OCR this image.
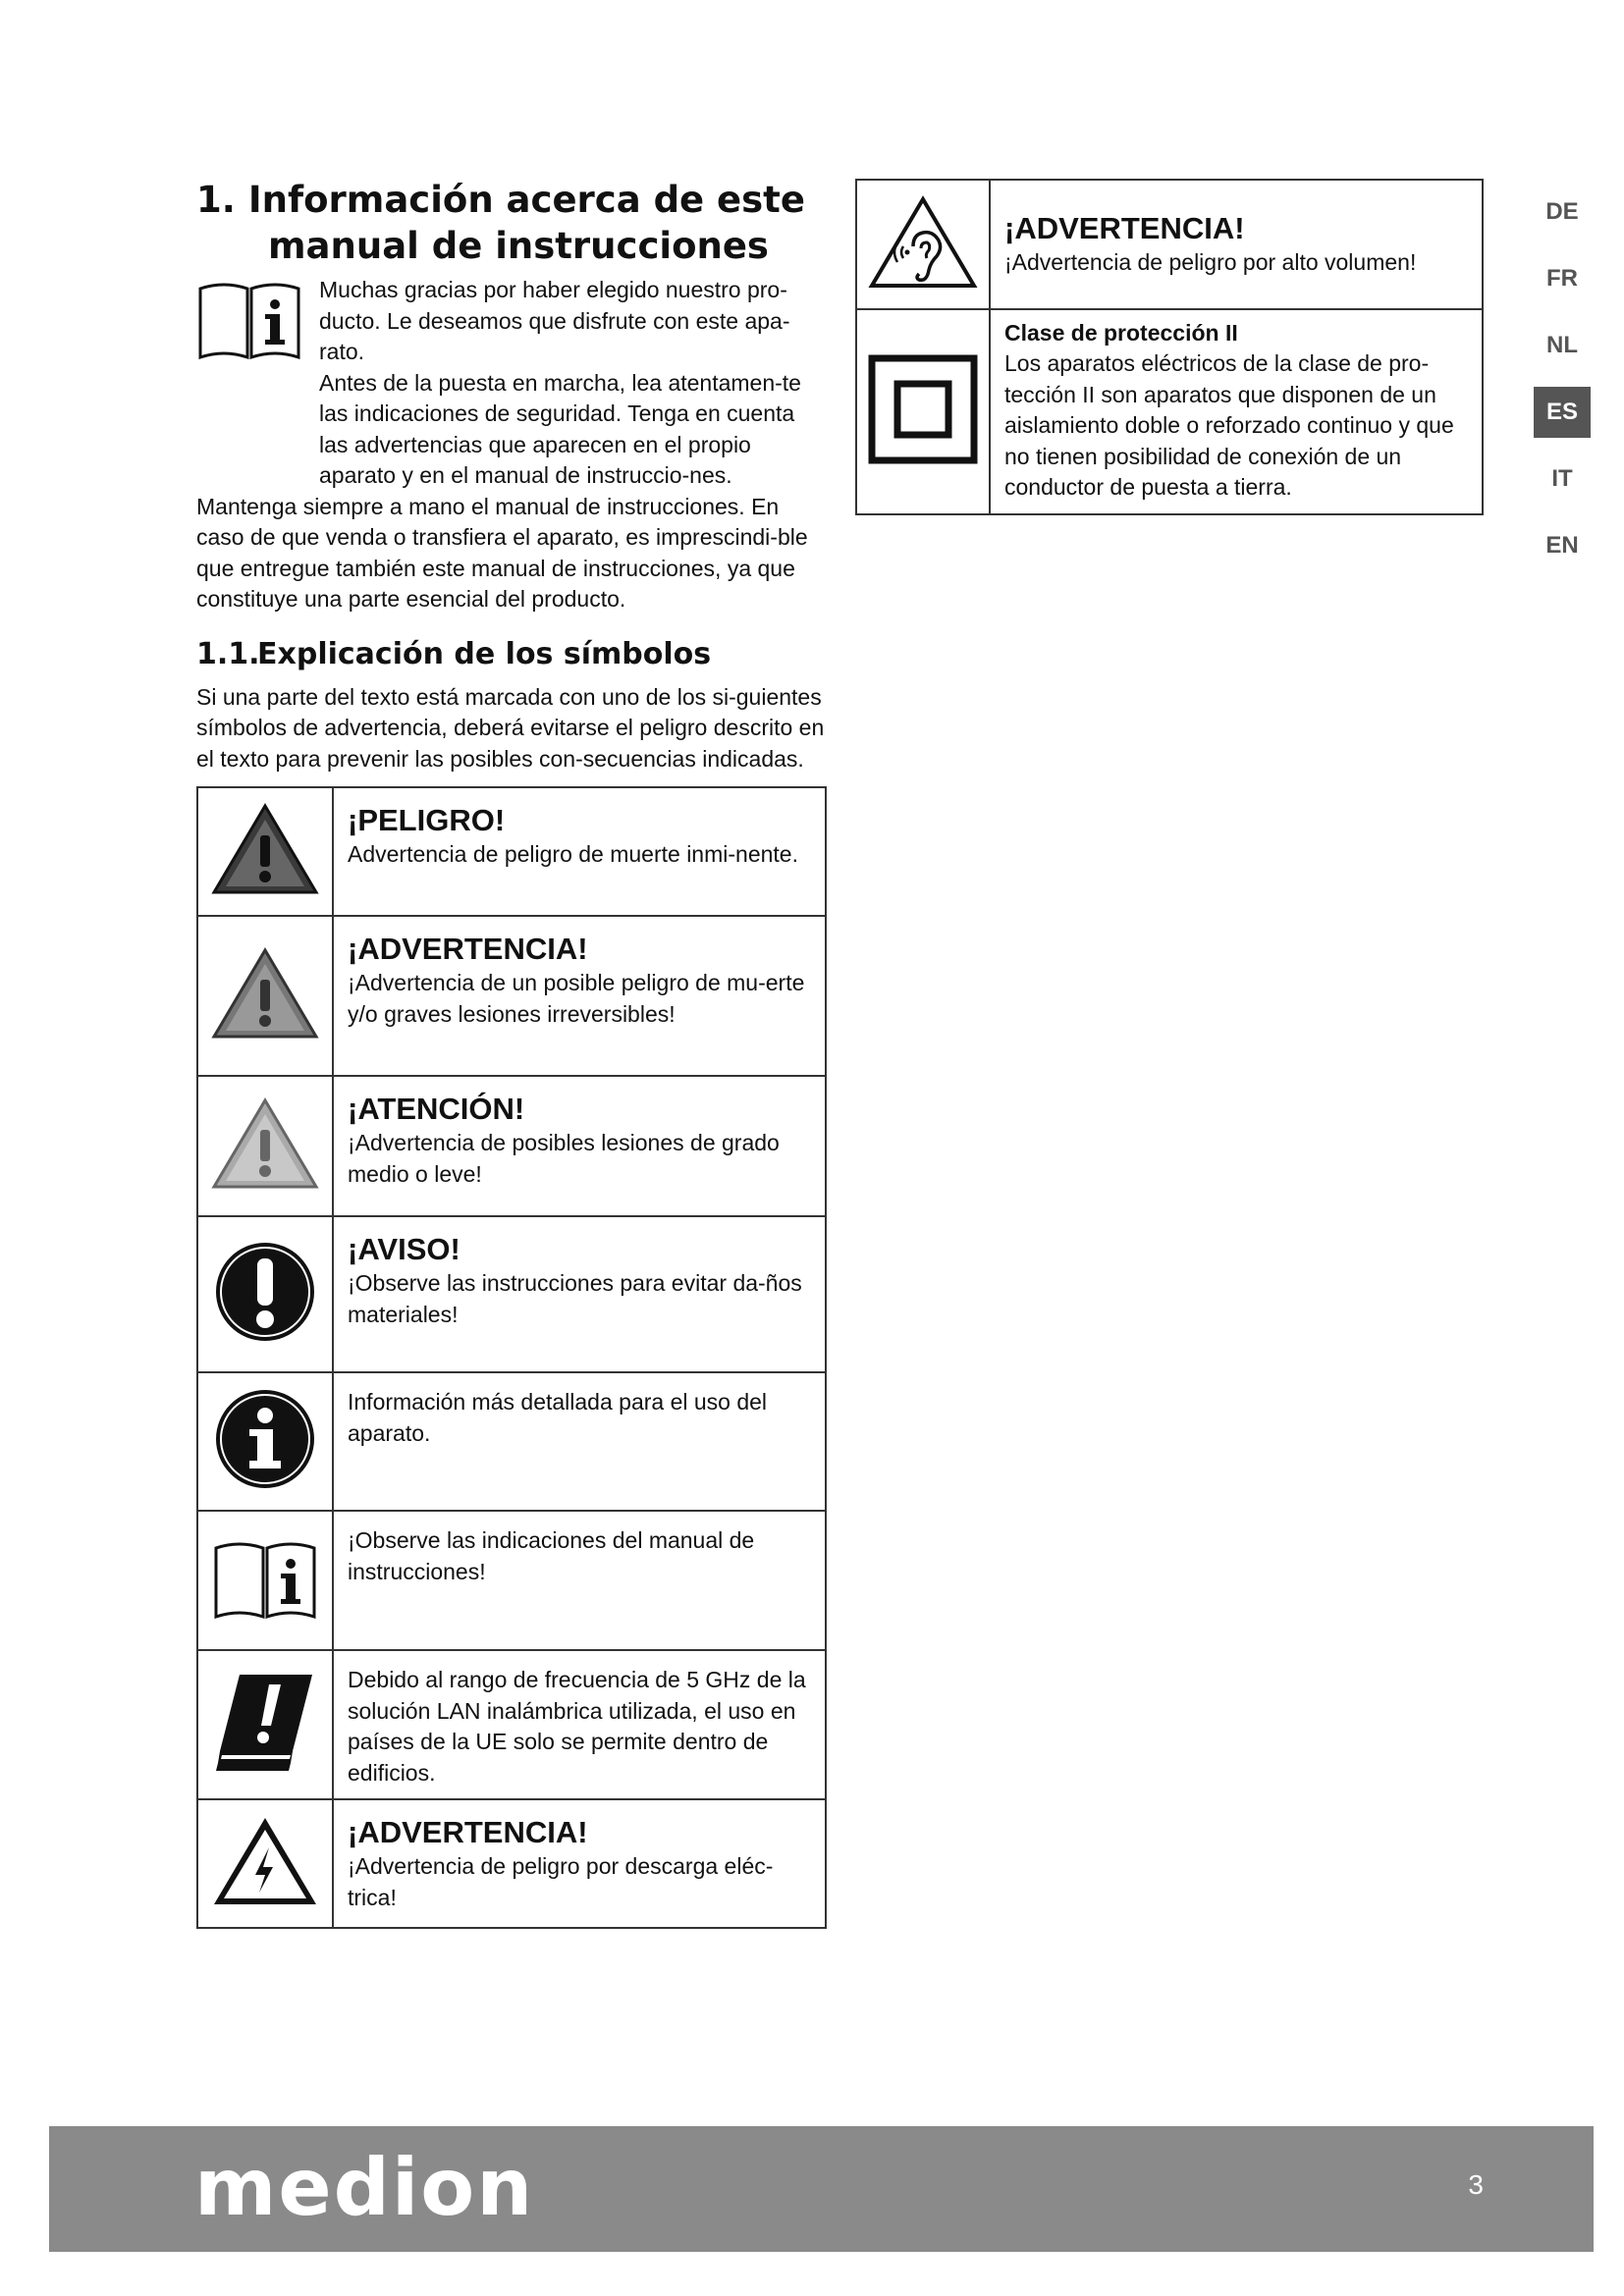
1. Información acerca de este
manual de instrucciones

Muchas gracias por haber elegido nuestro pro-ducto. Le deseamos que disfrute con este apa-rato.

Antes de la puesta en marcha, lea atentamen-te las indicaciones de seguridad. Tenga en cuenta las advertencias que aparecen en el propio aparato y en el manual de instruccio-nes.

Mantenga siempre a mano el manual de instrucciones. En caso de que venda o transfiera el aparato, es imprescindi-ble que entregue también este manual de instrucciones, ya que constituye una parte esencial del producto.

1.1.Explicación de los símbolos

Si una parte del texto está marcada con uno de los si-guientes símbolos de advertencia, deberá evitarse el peligro descrito en el texto para prevenir las posibles con-secuencias indicadas.

¡PELIGRO!
Advertencia de peligro de muerte inmi-nente.

¡ADVERTENCIA!
¡Advertencia de un posible peligro de mu-erte y/o graves lesiones irreversibles!

¡ATENCIÓN!
¡Advertencia de posibles lesiones de grado medio o leve!

¡AVISO!
¡Observe las instrucciones para evitar da-ños materiales!

Información más detallada para el uso del aparato.

¡Observe las indicaciones del manual de instrucciones!

Debido al rango de frecuencia de 5 GHz de la solución LAN inalámbrica utilizada, el uso en países de la UE solo se permite dentro de edificios.

¡ADVERTENCIA!
¡Advertencia de peligro por descarga eléc-trica!

¡ADVERTENCIA!
¡Advertencia de peligro por alto volumen!

Clase de protección II
Los aparatos eléctricos de la clase de pro-tección II son aparatos que disponen de un aislamiento doble o reforzado continuo y que no tienen posibilidad de conexión de un conductor de puesta a tierra.
DE
FR
NL
ES
IT
EN
medion	3
